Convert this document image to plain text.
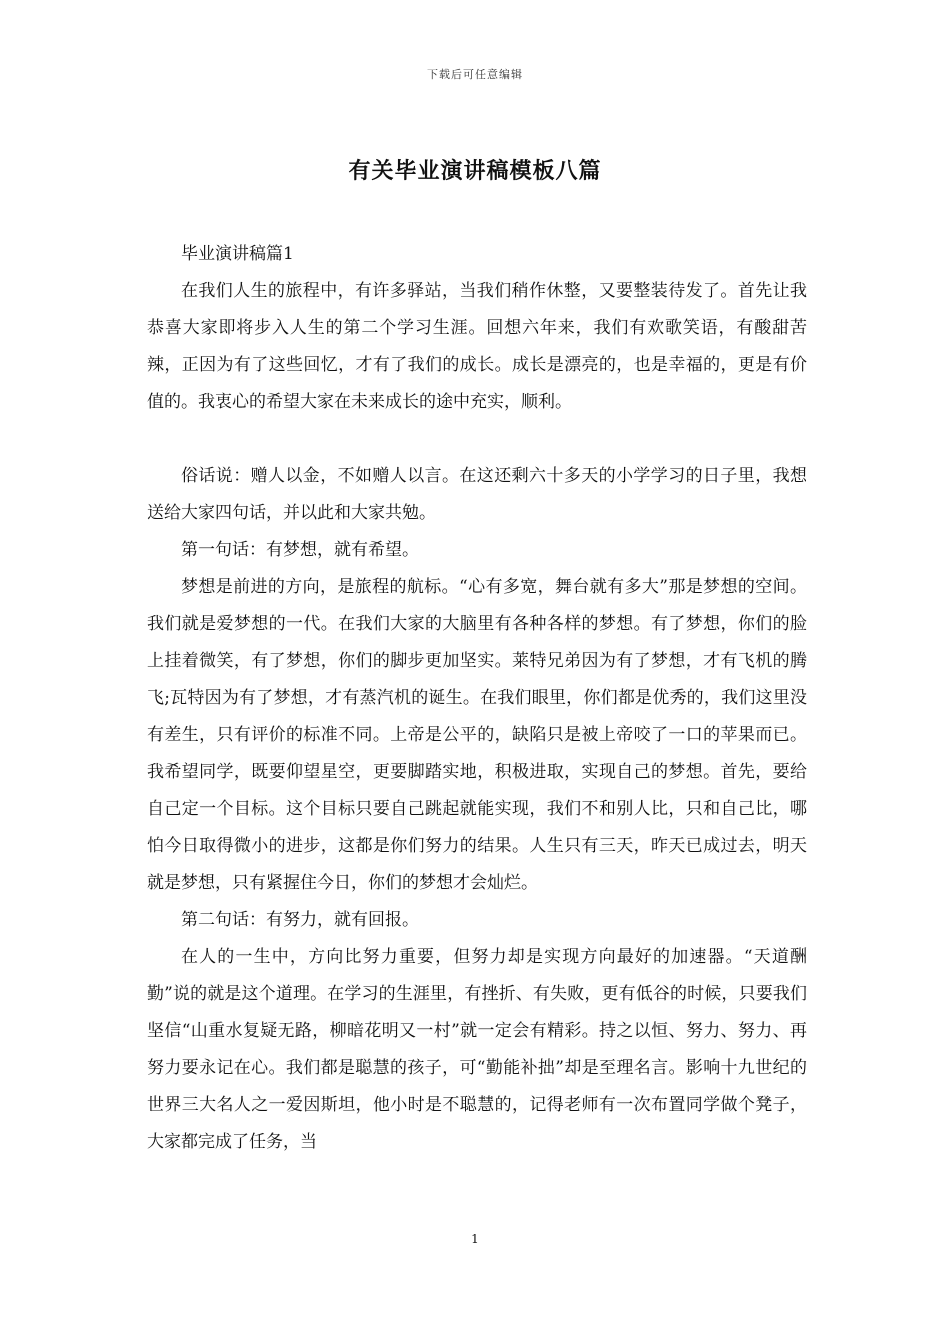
下载后可任意编辑
有关毕业演讲稿模板八篇

毕业演讲稿篇1

在我们人生的旅程中，有许多驿站，当我们稍作休整，又要整装待发了。首先让我恭喜大家即将步入人生的第二个学习生涯。回想六年来，我们有欢歌笑语，有酸甜苦辣，正因为有了这些回忆，才有了我们的成长。成长是漂亮的，也是幸福的，更是有价值的。我衷心的希望大家在未来成长的途中充实，顺利。

俗话说：赠人以金，不如赠人以言。在这还剩六十多天的小学学习的日子里，我想送给大家四句话，并以此和大家共勉。

第一句话：有梦想，就有希望。

梦想是前进的方向，是旅程的航标。“心有多宽，舞台就有多大”那是梦想的空间。我们就是爱梦想的一代。在我们大家的大脑里有各种各样的梦想。有了梦想，你们的脸上挂着微笑，有了梦想，你们的脚步更加坚实。莱特兄弟因为有了梦想，才有飞机的腾飞;瓦特因为有了梦想，才有蒸汽机的诞生。在我们眼里，你们都是优秀的，我们这里没有差生，只有评价的标准不同。上帝是公平的，缺陷只是被上帝咬了一口的苹果而已。我希望同学，既要仰望星空，更要脚踏实地，积极进取，实现自己的梦想。首先，要给自己定一个目标。这个目标只要自己跳起就能实现，我们不和别人比，只和自己比，哪怕今日取得微小的进步，这都是你们努力的结果。人生只有三天，昨天已成过去，明天就是梦想，只有紧握住今日，你们的梦想才会灿烂。

第二句话：有努力，就有回报。

在人的一生中，方向比努力重要，但努力却是实现方向最好的加速器。“天道酬勤”说的就是这个道理。在学习的生涯里，有挫折、有失败，更有低谷的时候，只要我们坚信“山重水复疑无路，柳暗花明又一村”就一定会有精彩。持之以恒、努力、努力、再努力要永记在心。我们都是聪慧的孩子，可“勤能补拙”却是至理名言。影响十九世纪的世界三大名人之一爱因斯坦，他小时是不聪慧的，记得老师有一次布置同学做个凳子，大家都完成了任务，当

1
